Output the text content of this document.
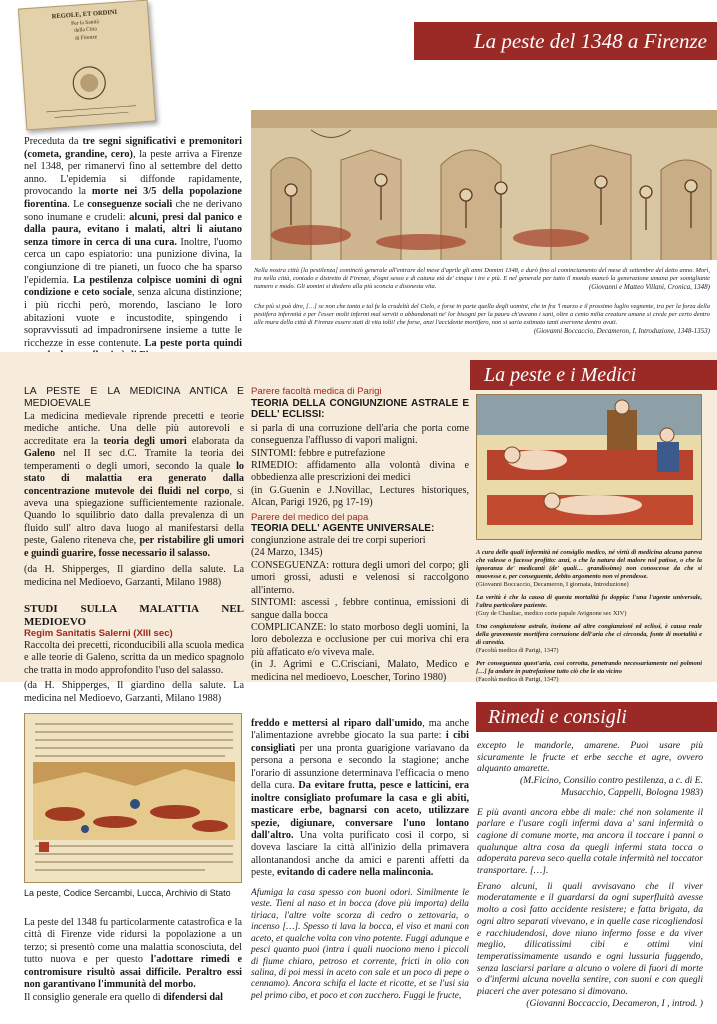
REGOLE, ET ORDINI
Per la Sanità
della Citta
di Firenze	La peste del 1348 a Firenze

Preceduta da tre segni significativi e premonitori (cometa, grandine, cero), la peste arriva a Firenze nel 1348, per rimanervi fino al settembre del detto anno. L'epidemia si diffonde rapidamente, provocando la morte nei 3/5 della popolazione fiorentina. Le conseguenze sociali che ne derivano sono inumane e crudeli: alcuni, presi dal panico e dalla paura, evitano i malati, altri li aiutano senza timore in cerca di una cura. Inoltre, l'uomo cerca un capo espiatorio: una punizione divina, la congiunzione di tre pianeti, un fuoco che ha sparso l'epidemia. La pestilenza colpisce uomini di ogni condizione e ceto sociale, senza alcuna distinzione; i più ricchi però, morendo, lasciano le loro abitazioni vuote e incustodite, spingendo i sopravvissuti ad impadronirsene insieme a tutte le ricchezze in esse contenute. La peste porta quindi

Nella nostra città [la pestilenza] cominciò generale all'entrare del mese d'aprile gli anni Domini 1348, e durò fino al cominciamento del mese di settembre del detto anno. Morì, tra nella città, contado e distretto di Firenze, d'ogni sesso e di catuna età de' cinque i tre e più. E nel generale per tutto il mondo mancò la generazione umana per somigliante numero e modo. Gli uomini si diedero alla più sconcia e disonesta vita.	(Giovanni e Matteo Villani, Cronica, 1348)
Che più si può dire, […] se non che tanta e tal fu la crudeltà del Cielo, e forse in parte quella degli uomini, che in fra 'l marzo e il prossimo luglio vegnente, tra per la forza della pestifera infermità e per l'esser molti infermi mal serviti o abbandonati ne' lor bisogni per la paura ch'aveano i sani, oltre a cento milia creature umane si crede per certo dentro alle mura della città di Firenze essere stati di vita tolti! che forse, anzi l'accidente mortifero, non si saria estimato tanti avervene dentro avuti.
(Giovanni Boccaccio, Decameron, I, Introduzione, 1348-1353)
La peste e i Medici
LA PESTE E LA MEDICINA ANTICA E MEDIOEVALE

La medicina medievale riprende precetti e teorie mediche antiche. Una delle più autorevoli e accreditate era la teoria degli umori elaborata da Galeno nel II sec d.C. Tramite la teoria dei temperamenti o degli umori, secondo la quale lo stato di malattia era generato dalla concentrazione mutevole dei fluidi nel corpo, si aveva una spiegazione sufficientemente razionale. Quando lo squilibrio dato dalla prevalenza di un fluido sull' altro dava luogo al manifestarsi della peste, Galeno riteneva che, per ristabilire gli umori e guindi guarire, fosse necessario il salasso.

(da H. Shipperges, Il giardino della salute. La medicina nel Medioevo, Garzanti, Milano 1988)

STUDI SULLA MALATTIA NEL MEDIOEVO
Regim Sanitatis Salerni (XIII sec)

Raccolta dei precetti, riconducibili alla scuola medica e alle teorie di Galeno, scritta da un medico spagnolo che tratta in modo approfondito l'uso del salasso.

(da H. Shipperges, Il giardino della salute. La medicina nel Medioevo, Garzanti, Milano 1988)

Parere facoltà medica di Parigi
TEORIA DELLA CONGIUNZIONE ASTRALE E DELL' ECLISSI:

si parla di una corruzione dell'aria che porta come conseguenza l'afflusso di vapori maligni.

SINTOMI: febbre e putrefazione

RIMEDIO: affidamento alla volontà divina e obbedienza alle prescrizioni dei medici

(in G.Guenin e J.Novillac, Lectures historiques, Alcan, Parigi 1926, pg 17-19)

Parere del medico del papa
TEORIA DELL' AGENTE UNIVERSALE:

congiunzione astrale dei tre corpi superiori

(24 Marzo, 1345)

CONSEGUENZA: rottura degli umori del corpo; gli umori grossi, adusti e velenosi si raccolgono all'interno.

SINTOMI: ascessi , febbre continua, emissioni di sangue dalla bocca

COMPLICANZE: lo stato morboso degli uomini, la loro debolezza e occlusione per cui moriva chi era più affaticato e/o viveva male.

(in J. Agrimi e C.Crisciani, Malato, Medico e medicina nel medioevo, Loescher, Torino 1980)

A cura delle quali infermità né consiglio medico, né virtù di medicina alcuna pareva che valesse o facesse profitto: anzi, o che la natura del malore nol patisse, o che la ignoranza de' medicanti (de' quali… grandissimo) non conoscesse da che si muovesse e, per conseguente, debito argomento non vi prendesse.

(Giovanni Boccaccio, Decameron, I giornata, Introduzione)

La verità è che la causa di questa mortalità fu doppia: l'una l'agente universale, l'altra particolare paziente.

(Guy de Chauliac, medico corte papale Avignone sec XIV)

Una congiunzione astrale, insieme ad altre congiunzioni ed eclissi, è causa reale della gravemente mortifera corruzione dell'aria che ci circonda, fonte di mortalità e di carestia.

(Facoltà medica di Parigi, 1347)

Per conseguenza quest'aria, così corrotta, penetrando necessariamente nei polmoni […] fa andare in putrefazione tutto ciò che le sta vicino

(Facoltà medica di Parigi, 1347)

Rimedi e consigli
La peste, Codice Sercambi, Lucca, Archivio di Stato

La peste del 1348 fu particolarmente catastrofica e la città di Firenze vide ridursi la popolazione a un terzo; si presentò come una malattia sconosciuta, del tutto nuova e per questo l'adottare rimedi e contromisure risultò assai difficile. Peraltro essi non garantivano l'immunità del morbo.

Il consiglio generale era quello di difendersi dal

freddo e mettersi al riparo dall'umido, ma anche l'alimentazione avrebbe giocato la sua parte: i cibi consigliati per una pronta guarigione variavano da persona a persona e secondo la stagione; anche l'orario di assunzione determinava l'efficacia o meno della cura. Da evitare frutta, pesce e latticini, era inoltre consigliato profumare la casa e gli abiti, masticare erbe, bagnarsi con aceto, utilizzare spezie, digiunare, conversare l'uno lontano dall'altro. Una volta purificato così il corpo, si doveva lasciare la città all'inizio della primavera allontanandosi anche da amici e parenti affetti da peste, evitando di cadere nella malinconia.

Afumiga la casa spesso con buoni odori. Similmente le veste. Tieni al naso et in bocca (dove più importa) della tiriaca, l'altre volte scorza di cedro o zettovaria, o incenso […]. Spesso ti lava la bocca, el viso et mani con aceto, et qualche volta con vino potente. Fuggi adunque e pesci quanto puoi (intra i quali nuociono meno i piccoli di fiume chiaro, petroso et corrente, fricti in olio con salina, di poi messi in aceto con sale et un poco di pepe o cennamo). Ancora schifa el lacte et ricotte, et se l'usi sia pel primo cibo, et poco et con zucchero. Fuggi le fructe,

excepto le mandorle, amarene. Puoi usare più sicuramente le fructe et erbe secche et agre, ovvero alquanto amarette.

(M.Ficino, Consilio contro pestilenza, a c. di E. Musacchio, Cappelli, Bologna 1983)

E più avanti ancora ebbe di male: ché non solamente il parlare e l'usare cogli infermi dava a' sani infermità o cagione di comune morte, ma ancora il toccare i panni o qualunque altra cosa da quegli infermi stata tocca o adoperata pareva seco quella cotale infermità nel toccator transportare. […].

Erano alcuni, li quali avvisavano che il viver moderatamente e il guardarsi da ogni superfluità avesse molto a così fatto accidente resistere; e fatta brigata, da ogni altro separati vivevano, e in quelle case ricogliendosi e racchiudendosi, dove niuno infermo fosse e da viver meglio, dilicatissimi cibi e ottimi vini temperatissimamente usando e ogni lussuria fuggendo, senza lasciarsi parlare a alcuno o volere di fuori di morte o d'infermi alcuna novella sentire, con suoni e con quegli piaceri che aver potesano si dimovano.

(Giovanni Boccaccio, Decameron, I , introd. )
